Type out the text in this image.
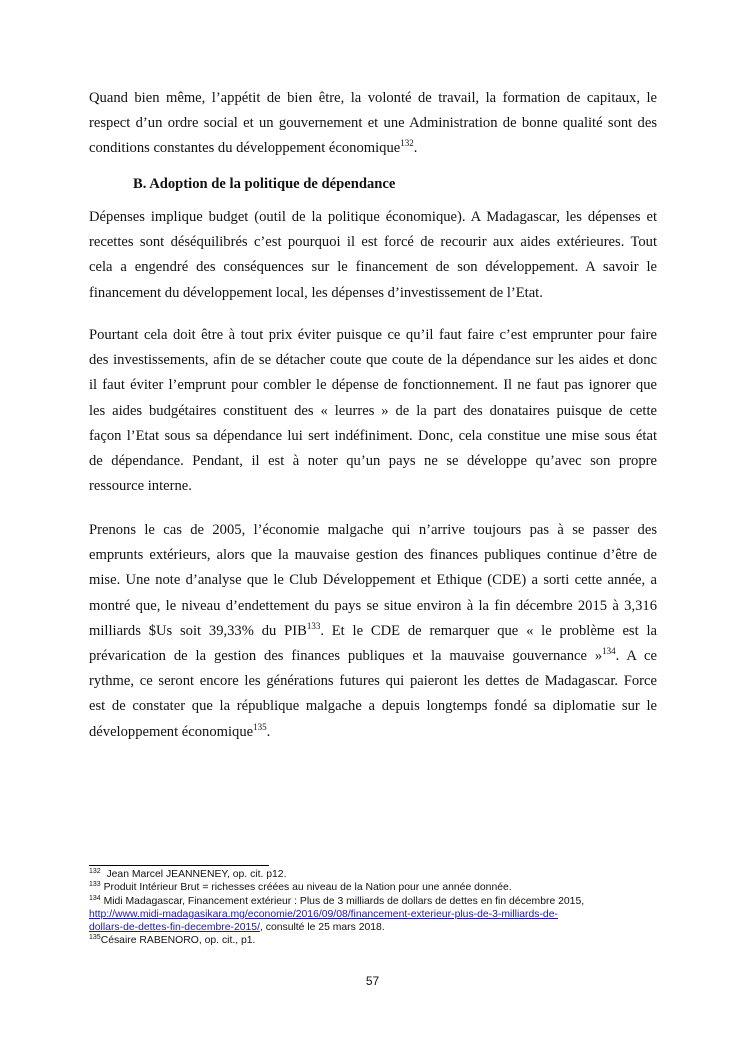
Quand bien même, l’appétit de bien être, la volonté de travail, la formation de capitaux, le
respect d’un ordre social et un gouvernement et une Administration de bonne qualité sont des
conditions constantes du développement économique$^{132}$.
B. Adoption de la politique de dépendance
Dépenses implique budget (outil de la politique économique). A Madagascar, les dépenses et
recettes sont déséquilibrés c’est pourquoi il est forcé de recourir aux aides extérieures. Tout
cela a engendré des conséquences sur le financement de son développement. A savoir le
financement du développement local, les dépenses d’investissement de l’Etat.
Pourtant cela doit être à tout prix éviter puisque ce qu’il faut faire c’est emprunter pour faire
des investissements, afin de se détacher coute que coute de la dépendance sur les aides et donc
il faut éviter l’emprunt pour combler le dépense de fonctionnement. Il ne faut pas ignorer que
les aides budgétaires constituent des « leurres » de la part des donataires puisque de cette
façon l’Etat sous sa dépendance lui sert indéfiniment. Donc, cela constitue une mise sous état
de dépendance. Pendant, il est à noter qu’un pays ne se développe qu’avec son propre
ressource interne.
Prenons le cas de 2005, l’économie malgache qui n’arrive toujours pas à se passer des
emprunts extérieurs, alors que la mauvaise gestion des finances publiques continue d’être de
mise. Une note d’analyse que le Club Développement et Ethique (CDE) a sorti cette année, a
montré que, le niveau d’endettement du pays se situe environ à la fin décembre 2015 à 3,316
milliards $Us soit 39,33% du PIB$^{133}$. Et le CDE de remarquer que « le problème est la
prévarication de la gestion des finances publiques et la mauvaise gouvernance »$^{134}$. A ce
rythme, ce seront encore les générations futures qui paieront les dettes de Madagascar. Force
est de constater que la république malgache a depuis longtemps fondé sa diplomatie sur le
développement économique$^{135}$.
$^{132}$  Jean Marcel JEANNENEY, op. cit. p12.
$^{133}$ Produit Intérieur Brut = richesses créées au niveau de la Nation pour une année donnée.
$^{134}$ Midi Madagascar, Financement extérieur : Plus de 3 milliards de dollars de dettes en fin décembre 2015,
http://www.midi-madagasikara.mg/economie/2016/09/08/financement-exterieur-plus-de-3-milliards-de-
dollars-de-dettes-fin-decembre-2015/, consulté le 25 mars 2018.
$^{135}$Césaire RABENORO, op. cit., p1.
57
